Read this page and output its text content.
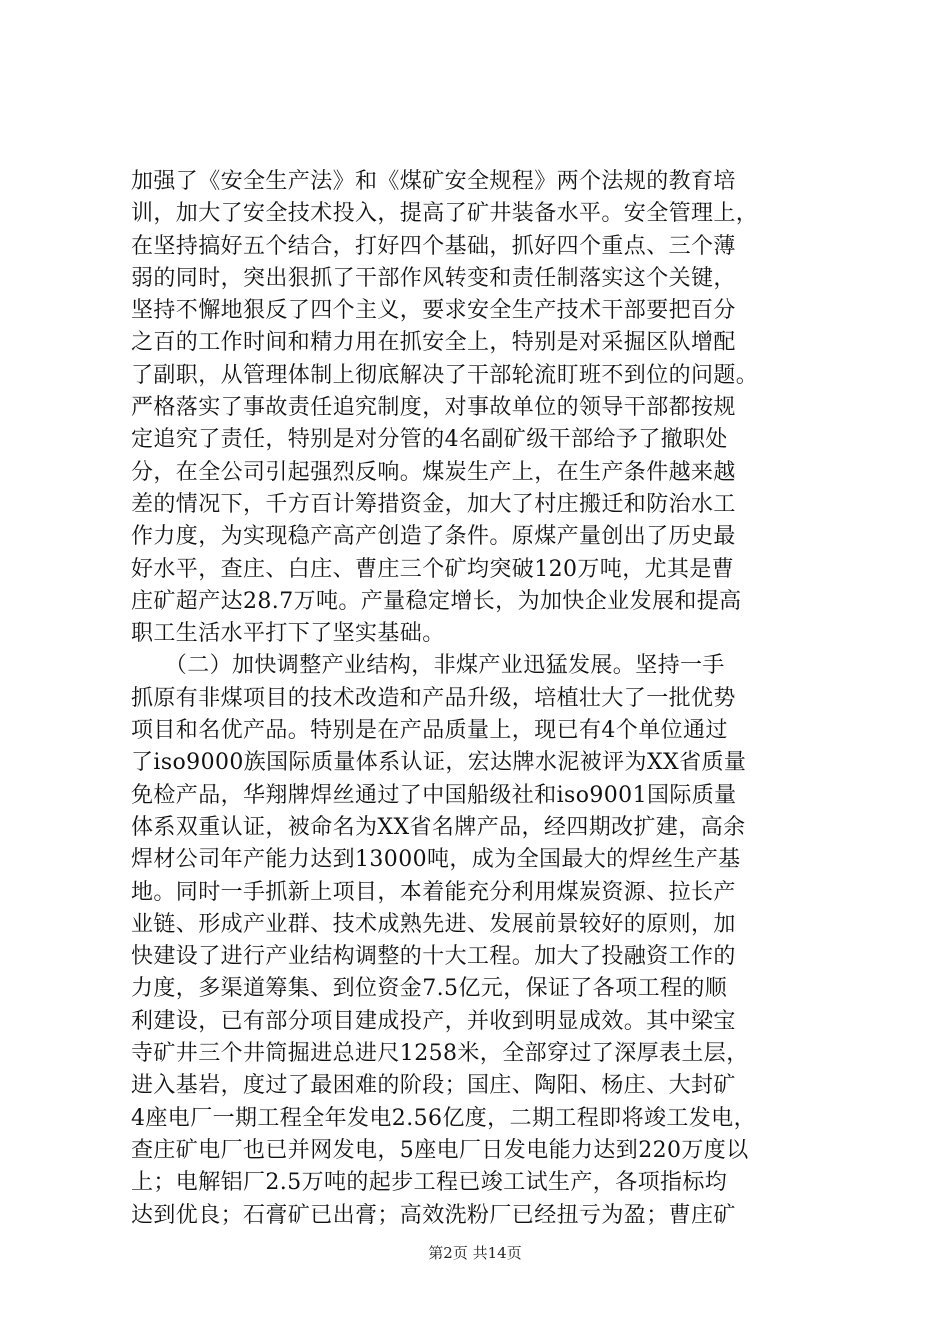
加强了《安全生产法》和《煤矿安全规程》两个法规的教育培
训，加大了安全技术投入，提高了矿井装备水平。安全管理上，
在坚持搞好五个结合，打好四个基础，抓好四个重点、三个薄
弱的同时，突出狠抓了干部作风转变和责任制落实这个关键，
坚持不懈地狠反了四个主义，要求安全生产技术干部要把百分
之百的工作时间和精力用在抓安全上，特别是对采掘区队增配
了副职，从管理体制上彻底解决了干部轮流盯班不到位的问题。
严格落实了事故责任追究制度，对事故单位的领导干部都按规
定追究了责任，特别是对分管的4名副矿级干部给予了撤职处
分，在全公司引起强烈反响。煤炭生产上，在生产条件越来越
差的情况下，千方百计筹措资金，加大了村庄搬迁和防治水工
作力度，为实现稳产高产创造了条件。原煤产量创出了历史最
好水平，查庄、白庄、曹庄三个矿均突破120万吨，尤其是曹
庄矿超产达28.7万吨。产量稳定增长，为加快企业发展和提高
职工生活水平打下了坚实基础。
　　（二）加快调整产业结构，非煤产业迅猛发展。坚持一手
抓原有非煤项目的技术改造和产品升级，培植壮大了一批优势
项目和名优产品。特别是在产品质量上，现已有4个单位通过
了iso9000族国际质量体系认证，宏达牌水泥被评为XX省质量
免检产品，华翔牌焊丝通过了中国船级社和iso9001国际质量
体系双重认证，被命名为XX省名牌产品，经四期改扩建，高余
焊材公司年产能力达到13000吨，成为全国最大的焊丝生产基
地。同时一手抓新上项目，本着能充分利用煤炭资源、拉长产
业链、形成产业群、技术成熟先进、发展前景较好的原则，加
快建设了进行产业结构调整的十大工程。加大了投融资工作的
力度，多渠道筹集、到位资金7.5亿元，保证了各项工程的顺
利建设，已有部分项目建成投产，并收到明显成效。其中梁宝
寺矿井三个井筒掘进总进尺1258米，全部穿过了深厚表土层，
进入基岩，度过了最困难的阶段；国庄、陶阳、杨庄、大封矿
4座电厂一期工程全年发电2.56亿度，二期工程即将竣工发电，
查庄矿电厂也已并网发电，5座电厂日发电能力达到220万度以
上；电解铝厂2.5万吨的起步工程已竣工试生产，各项指标均
达到优良；石膏矿已出膏；高效洗粉厂已经扭亏为盈；曹庄矿
第2页 共14页
